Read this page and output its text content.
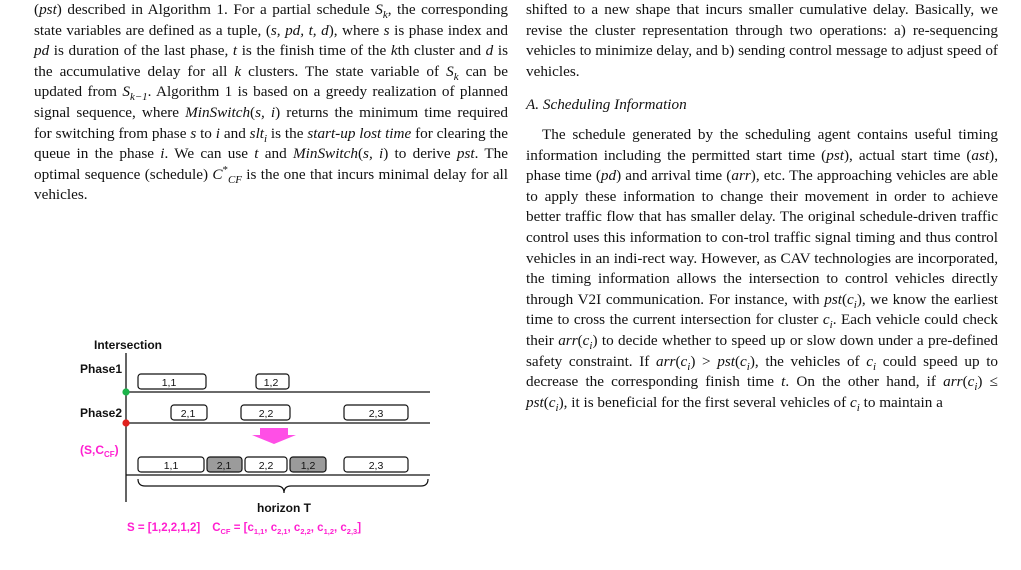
(pst) described in Algorithm 1. For a partial schedule $S_k$, the corresponding state variables are defined as a tuple, (s, pd, t, d), where s is phase index and pd is duration of the last phase, t is the finish time of the kth cluster and d is the accumulative delay for all k clusters. The state variable of $S_k$ can be updated from $S_{k-1}$. Algorithm 1 is based on a greedy realization of planned signal sequence, where MinSwitch(s, i) returns the minimum time required for switching from phase s to i and slt$_i$ is the start-up lost time for clearing the queue in the phase i. We can use t and MinSwitch(s, i) to derive pst. The optimal sequence (schedule) $C^*_{CF}$ is the one that incurs minimal delay for all vehicles.

shifted to a new shape that incurs smaller cumulative delay. Basically, we revise the cluster representation through two operations: a) re-sequencing vehicles to minimize delay, and b) sending control message to adjust speed of vehicles.

A. Scheduling Information

The schedule generated by the scheduling agent contains useful timing information including the permitted start time (pst), actual start time (ast), phase time (pd) and arrival time (arr), etc. The approaching vehicles are able to apply these information to change their movement in order to achieve better traffic flow that has smaller delay. The original schedule-driven traffic control uses this information to con-trol traffic signal timing and thus control vehicles in an indi-rect way. However, as CAV technologies are incorporated, the timing information allows the intersection to control vehicles directly through V2I communication. For instance, with $pst(c_i)$, we know the earliest time to cross the current intersection for cluster $c_i$. Each vehicle could check their $arr(c_i)$ to decide whether to speed up or slow down under a pre-defined safety constraint. If $arr(c_i) > pst(c_i)$, the vehicles of $c_i$ could speed up to decrease the corresponding finish time t. On the other hand, if $arr(c_i) \le pst(c_i)$, it is beneficial for the first several vehicles of $c_i$ to maintain a

Intersection
Phase1
Phase2
$(S,C_{CF})$
1,1	1,2
2,1	2,2	2,3
1,1	2,1	2,2	1,2	2,3
horizon T
S = [1,2,2,1,2] $C_{CF} = [c_{1,1}$, $c_{2,1}$, $c_{2,2}$, $c_{1,2}$, $c_{2,3}$]
